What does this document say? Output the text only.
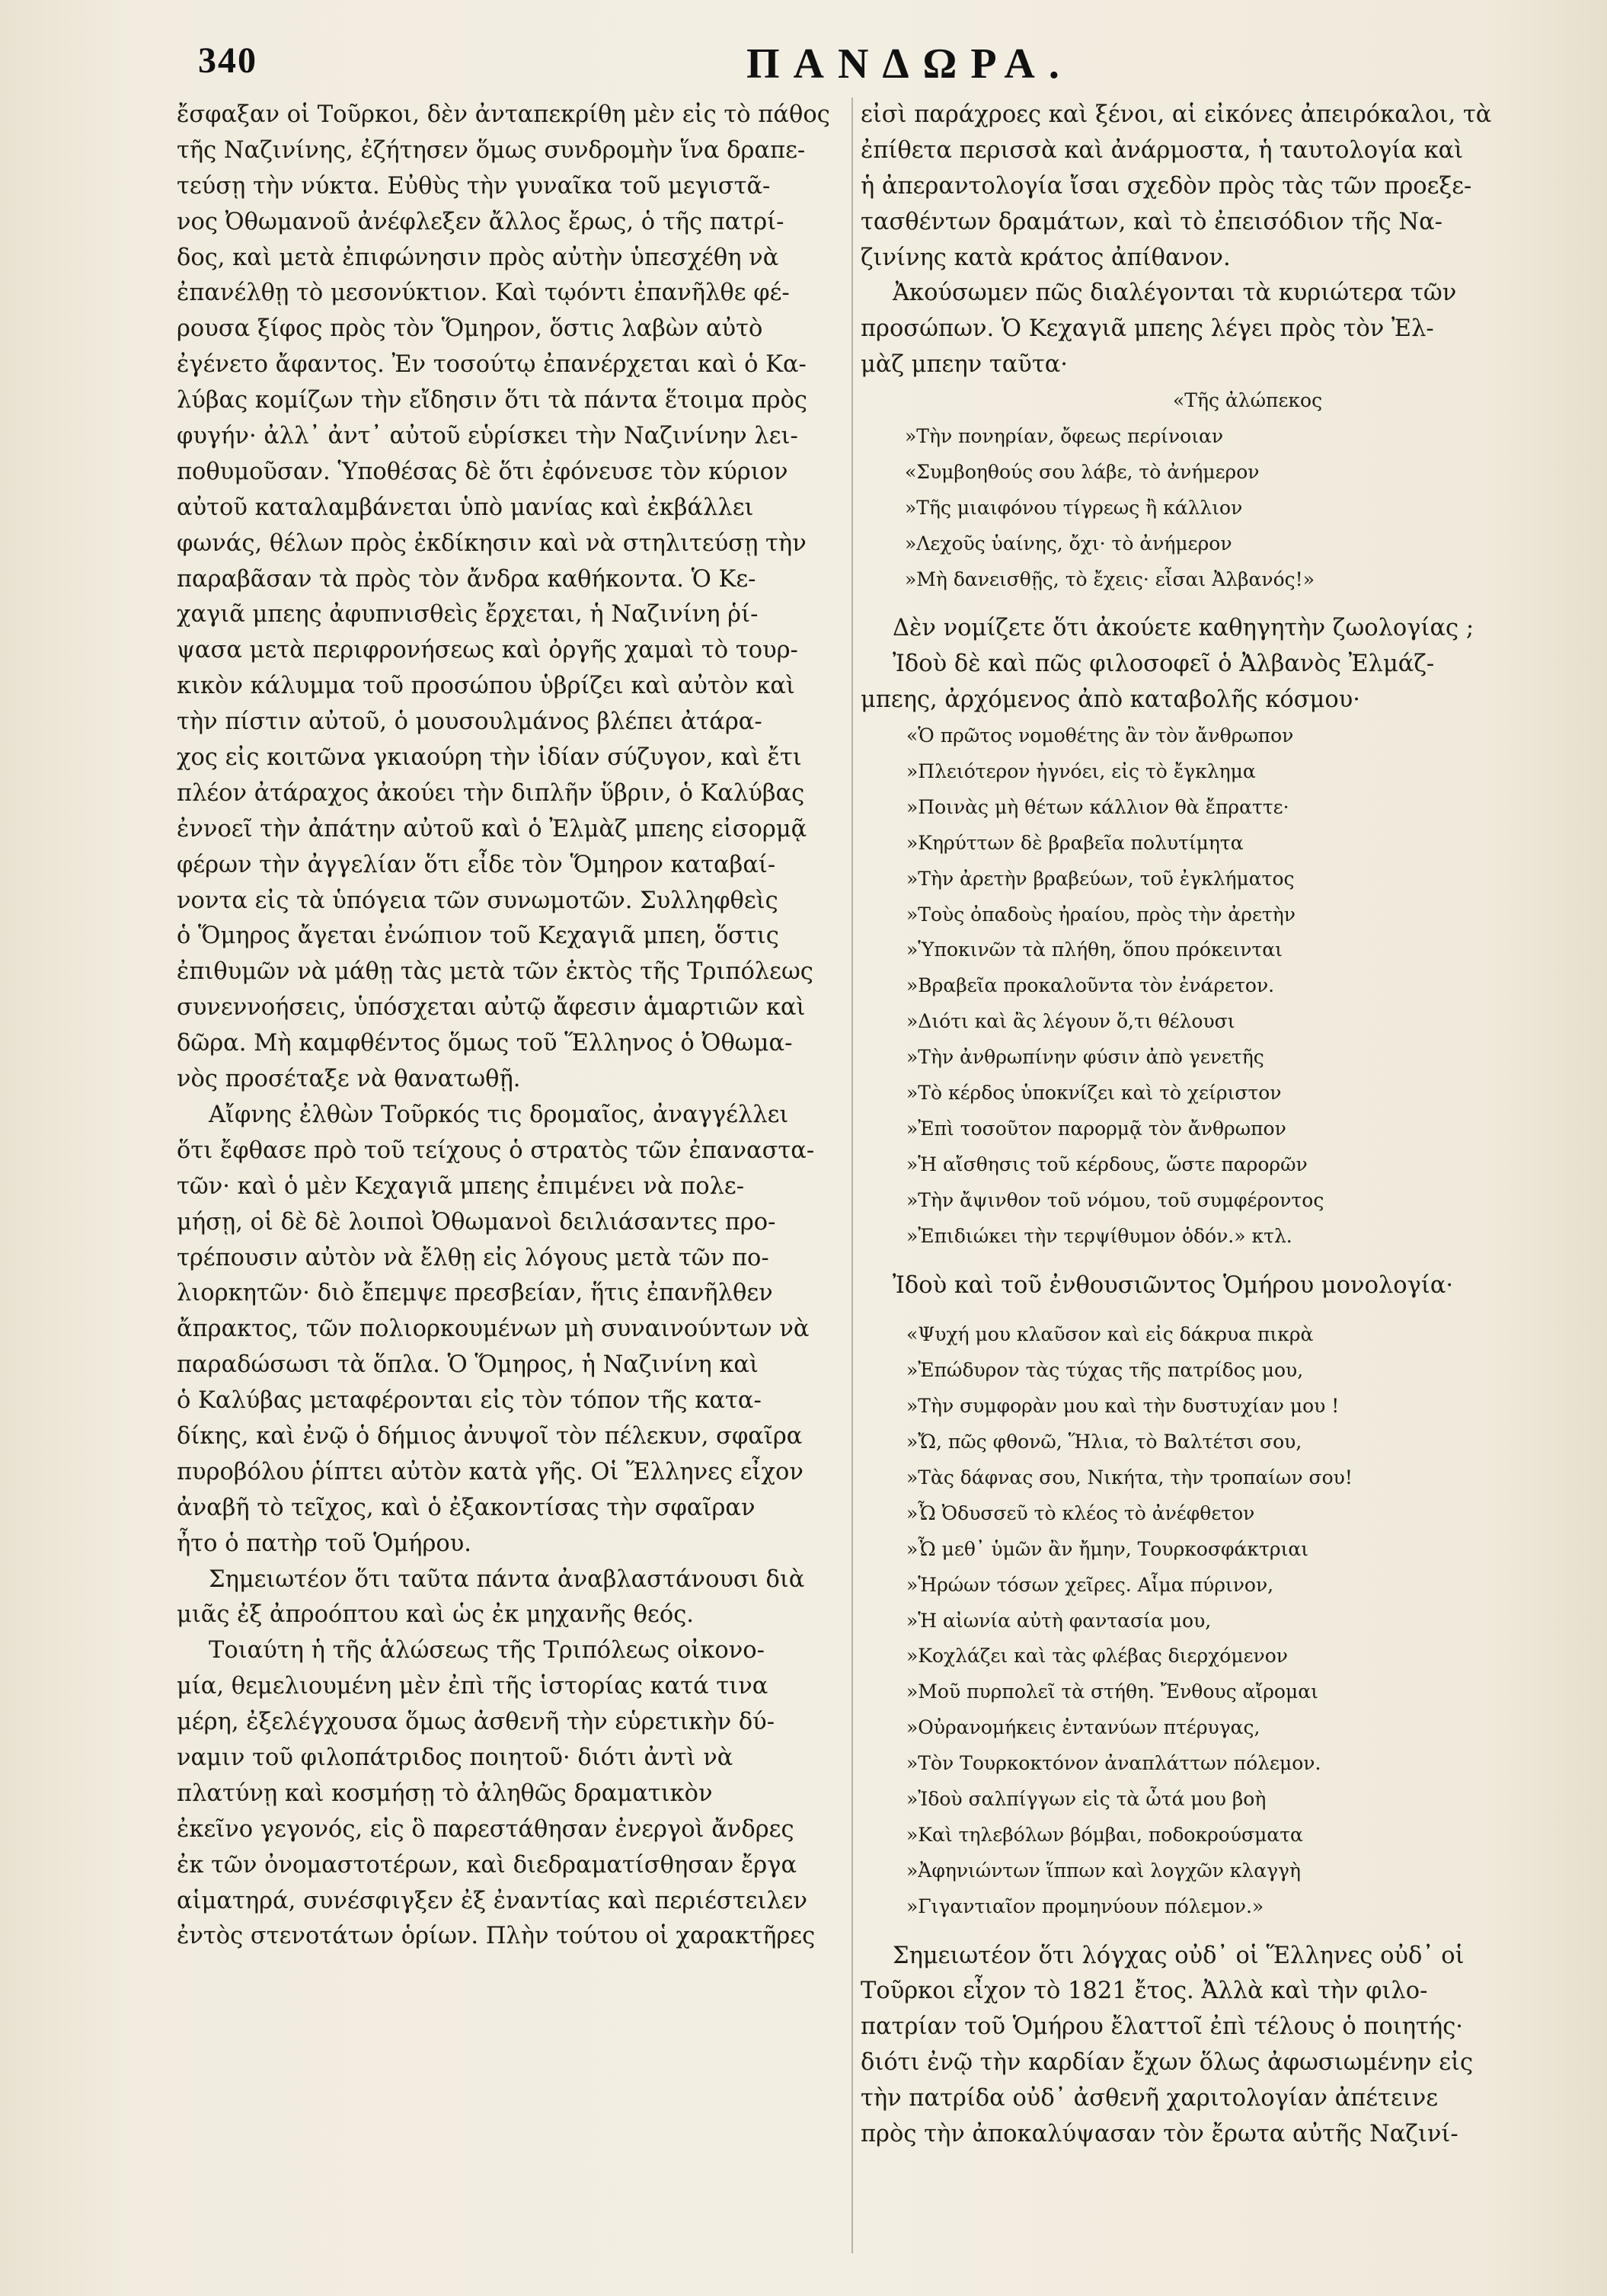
340	ΠΑΝΔΩΡΑ.
ἔσφαξαν οἱ Τοῦρκοι, δὲν ἀνταπεκρίθη μὲν εἰς τὸ πάθος
τῆς Ναζινίνης, ἐζήτησεν ὅμως συνδρομὴν ἵνα δραπε-
τεύσῃ τὴν νύκτα. Εὐθὺς τὴν γυναῖκα τοῦ μεγιστᾶ-
νος Ὀθωμανοῦ ἀνέφλεξεν ἄλλος ἔρως, ὁ τῆς πατρί-
δος, καὶ μετὰ ἐπιφώνησιν πρὸς αὐτὴν ὑπεσχέθη νὰ
ἐπανέλθῃ τὸ μεσονύκτιον. Καὶ τῳόντι ἐπανῆλθε φέ-
ρουσα ξίφος πρὸς τὸν Ὅμηρον, ὅστις λαβὼν αὐτὸ
ἐγένετο ἄφαντος. Ἐν τοσούτῳ ἐπανέρχεται καὶ ὁ Κα-
λύβας κομίζων τὴν εἴδησιν ὅτι τὰ πάντα ἕτοιμα πρὸς
φυγήν· ἀλλ᾽ ἀντ᾽ αὐτοῦ εὑρίσκει τὴν Ναζινίνην λει-
ποθυμοῦσαν. Ὑποθέσας δὲ ὅτι ἐφόνευσε τὸν κύριον
αὐτοῦ καταλαμβάνεται ὑπὸ μανίας καὶ ἐκβάλλει
φωνάς, θέλων πρὸς ἐκδίκησιν καὶ νὰ στηλιτεύσῃ τὴν
παραβᾶσαν τὰ πρὸς τὸν ἄνδρα καθήκοντα. Ὁ Κε-
χαγιᾶ μπεης ἀφυπνισθεὶς ἔρχεται, ἡ Ναζινίνη ῥί-
ψασα μετὰ περιφρονήσεως καὶ ὀργῆς χαμαὶ τὸ τουρ-
κικὸν κάλυμμα τοῦ προσώπου ὑβρίζει καὶ αὐτὸν καὶ
τὴν πίστιν αὐτοῦ, ὁ μουσουλμάνος βλέπει ἀτάρα-
χος εἰς κοιτῶνα γκιαούρη τὴν ἰδίαν σύζυγον, καὶ ἔτι
πλέον ἀτάραχος ἀκούει τὴν διπλῆν ὕβριν, ὁ Καλύβας
ἐννοεῖ τὴν ἀπάτην αὐτοῦ καὶ ὁ Ἐλμὰζ μπεης εἰσορμᾷ
φέρων τὴν ἀγγελίαν ὅτι εἶδε τὸν Ὅμηρον καταβαί-
νοντα εἰς τὰ ὑπόγεια τῶν συνωμοτῶν. Συλληφθεὶς
ὁ Ὅμηρος ἄγεται ἐνώπιον τοῦ Κεχαγιᾶ μπεη, ὅστις
ἐπιθυμῶν νὰ μάθῃ τὰς μετὰ τῶν ἐκτὸς τῆς Τριπόλεως
συνεννοήσεις, ὑπόσχεται αὐτῷ ἄφεσιν ἁμαρτιῶν καὶ
δῶρα. Μὴ καμφθέντος ὅμως τοῦ Ἕλληνος ὁ Ὀθωμα-
νὸς προσέταξε νὰ θανατωθῇ.
Αἴφνης ἐλθὼν Τοῦρκός τις δρομαῖος, ἀναγγέλλει
ὅτι ἔφθασε πρὸ τοῦ τείχους ὁ στρατὸς τῶν ἐπαναστα-
τῶν· καὶ ὁ μὲν Κεχαγιᾶ μπεης ἐπιμένει νὰ πολε-
μήσῃ, οἱ δὲ δὲ λοιποὶ Ὀθωμανοὶ δειλιάσαντες προ-
τρέπουσιν αὐτὸν νὰ ἔλθῃ εἰς λόγους μετὰ τῶν πο-
λιορκητῶν· διὸ ἔπεμψε πρεσβείαν, ἥτις ἐπανῆλθεν
ἄπρακτος, τῶν πολιορκουμένων μὴ συναινούντων νὰ
παραδώσωσι τὰ ὅπλα. Ὁ Ὅμηρος, ἡ Ναζινίνη καὶ
ὁ Καλύβας μεταφέρονται εἰς τὸν τόπον τῆς κατα-
δίκης, καὶ ἐνῷ ὁ δήμιος ἀνυψοῖ τὸν πέλεκυν, σφαῖρα
πυροβόλου ῥίπτει αὐτὸν κατὰ γῆς. Οἱ Ἕλληνες εἶχον
ἀναβῆ τὸ τεῖχος, καὶ ὁ ἐξακοντίσας τὴν σφαῖραν
ἦτο ὁ πατὴρ τοῦ Ὁμήρου.
Σημειωτέον ὅτι ταῦτα πάντα ἀναβλαστάνουσι διὰ
μιᾶς ἐξ ἀπροόπτου καὶ ὡς ἐκ μηχανῆς θεός.
Τοιαύτη ἡ τῆς ἁλώσεως τῆς Τριπόλεως οἰκονο-
μία, θεμελιουμένη μὲν ἐπὶ τῆς ἱστορίας κατά τινα
μέρη, ἐξελέγχουσα ὅμως ἀσθενῆ τὴν εὑρετικὴν δύ-
ναμιν τοῦ φιλοπάτριδος ποιητοῦ· διότι ἀντὶ νὰ
πλατύνῃ καὶ κοσμήσῃ τὸ ἀληθῶς δραματικὸν
ἐκεῖνο γεγονός, εἰς ὃ παρεστάθησαν ἐνεργοὶ ἄνδρες
ἐκ τῶν ὀνομαστοτέρων, καὶ διεδραματίσθησαν ἔργα
αἱματηρά, συνέσφιγξεν ἐξ ἐναντίας καὶ περιέστειλεν
ἐντὸς στενοτάτων ὁρίων. Πλὴν τούτου οἱ χαρακτῆρες
εἰσὶ παράχροες καὶ ξένοι, αἱ εἰκόνες ἀπειρόκαλοι, τὰ
ἐπίθετα περισσὰ καὶ ἀνάρμοστα, ἡ ταυτολογία καὶ
ἡ ἀπεραντολογία ἴσαι σχεδὸν πρὸς τὰς τῶν προεξε-
τασθέντων δραμάτων, καὶ τὸ ἐπεισόδιον τῆς Να-
ζινίνης κατὰ κράτος ἀπίθανον.
Ἀκούσωμεν πῶς διαλέγονται τὰ κυριώτερα τῶν
προσώπων. Ὁ Κεχαγιᾶ μπεης λέγει πρὸς τὸν Ἐλ-
μὰζ μπεην ταῦτα·
«Τῆς ἀλώπεκος
»Τὴν πονηρίαν, ὄφεως περίνοιαν
«Συμβοηθούς σου λάβε, τὸ ἀνήμερον
»Τῆς μιαιφόνου τίγρεως ἢ κάλλιον
»Λεχοῦς ὑαίνης, ὄχι· τὸ ἀνήμερον
»Μὴ δανεισθῇς, τὸ ἔχεις· εἶσαι Ἀλβανός!»
Δὲν νομίζετε ὅτι ἀκούετε καθηγητὴν ζωολογίας ;
Ἰδοὺ δὲ καὶ πῶς φιλοσοφεῖ ὁ Ἀλβανὸς Ἐλμάζ-
μπεης, ἀρχόμενος ἀπὸ καταβολῆς κόσμου·
«Ὁ πρῶτος νομοθέτης ἂν τὸν ἄνθρωπον
»Πλειότερον ἠγνόει, εἰς τὸ ἔγκλημα
»Ποινὰς μὴ θέτων κάλλιον θὰ ἔπραττε·
»Κηρύττων δὲ βραβεῖα πολυτίμητα
»Τὴν ἀρετὴν βραβεύων, τοῦ ἐγκλήματος
»Τοὺς ὀπαδοὺς ἠραίου, πρὸς τὴν ἀρετὴν
»Ὑποκινῶν τὰ πλήθη, ὅπου πρόκεινται
»Βραβεῖα προκαλοῦντα τὸν ἐνάρετον.
»Διότι καὶ ἂς λέγουν ὅ,τι θέλουσι
»Τὴν ἀνθρωπίνην φύσιν ἀπὸ γενετῆς
»Τὸ κέρδος ὑποκνίζει καὶ τὸ χείριστον
»Ἐπὶ τοσοῦτον παρορμᾷ τὸν ἄνθρωπον
»Ἡ αἴσθησις τοῦ κέρδους, ὥστε παρορῶν
»Τὴν ἄψινθον τοῦ νόμου, τοῦ συμφέροντος
»Ἐπιδιώκει τὴν τερψίθυμον ὁδόν.» κτλ.
Ἰδοὺ καὶ τοῦ ἐνθουσιῶντος Ὁμήρου μονολογία·
«Ψυχή μου κλαῦσον καὶ εἰς δάκρυα πικρὰ
»Ἐπώδυρον τὰς τύχας τῆς πατρίδος μου,
»Τὴν συμφορὰν μου καὶ τὴν δυστυχίαν μου !
»Ὤ, πῶς φθονῶ, Ἥλια, τὸ Βαλτέτσι σου,
»Τὰς δάφνας σου, Νικήτα, τὴν τροπαίων σου!
»Ὦ Ὀδυσσεῦ τὸ κλέος τὸ ἀνέφθετον
»Ὦ μεθ᾽ ὑμῶν ἂν ἤμην, Τουρκοσφάκτριαι
»Ἡρώων τόσων χεῖρες. Αἷμα πύρινον,
»Ἡ αἰωνία αὐτὴ φαντασία μου,
»Κοχλάζει καὶ τὰς φλέβας διερχόμενον
»Μοῦ πυρπολεῖ τὰ στήθη. Ἔνθους αἴρομαι
»Οὐρανομήκεις ἐντανύων πτέρυγας,
»Τὸν Τουρκοκτόνον ἀναπλάττων πόλεμον.
»Ἰδοὺ σαλπίγγων εἰς τὰ ὦτά μου βοὴ
»Καὶ τηλεβόλων βόμβαι, ποδοκρούσματα
»Ἀφηνιώντων ἵππων καὶ λογχῶν κλαγγὴ
»Γιγαντιαῖον προμηνύουν πόλεμον.»
Σημειωτέον ὅτι λόγχας οὐδ᾽ οἱ Ἕλληνες οὐδ᾽ οἱ
Τοῦρκοι εἶχον τὸ 1821 ἔτος. Ἀλλὰ καὶ τὴν φιλο-
πατρίαν τοῦ Ὁμήρου ἔλαττοῖ ἐπὶ τέλους ὁ ποιητής·
διότι ἐνῷ τὴν καρδίαν ἔχων ὅλως ἀφωσιωμένην εἰς
τὴν πατρίδα οὐδ᾽ ἀσθενῆ χαριτολογίαν ἀπέτεινε
πρὸς τὴν ἀποκαλύψασαν τὸν ἔρωτα αὐτῆς Ναζινί-
